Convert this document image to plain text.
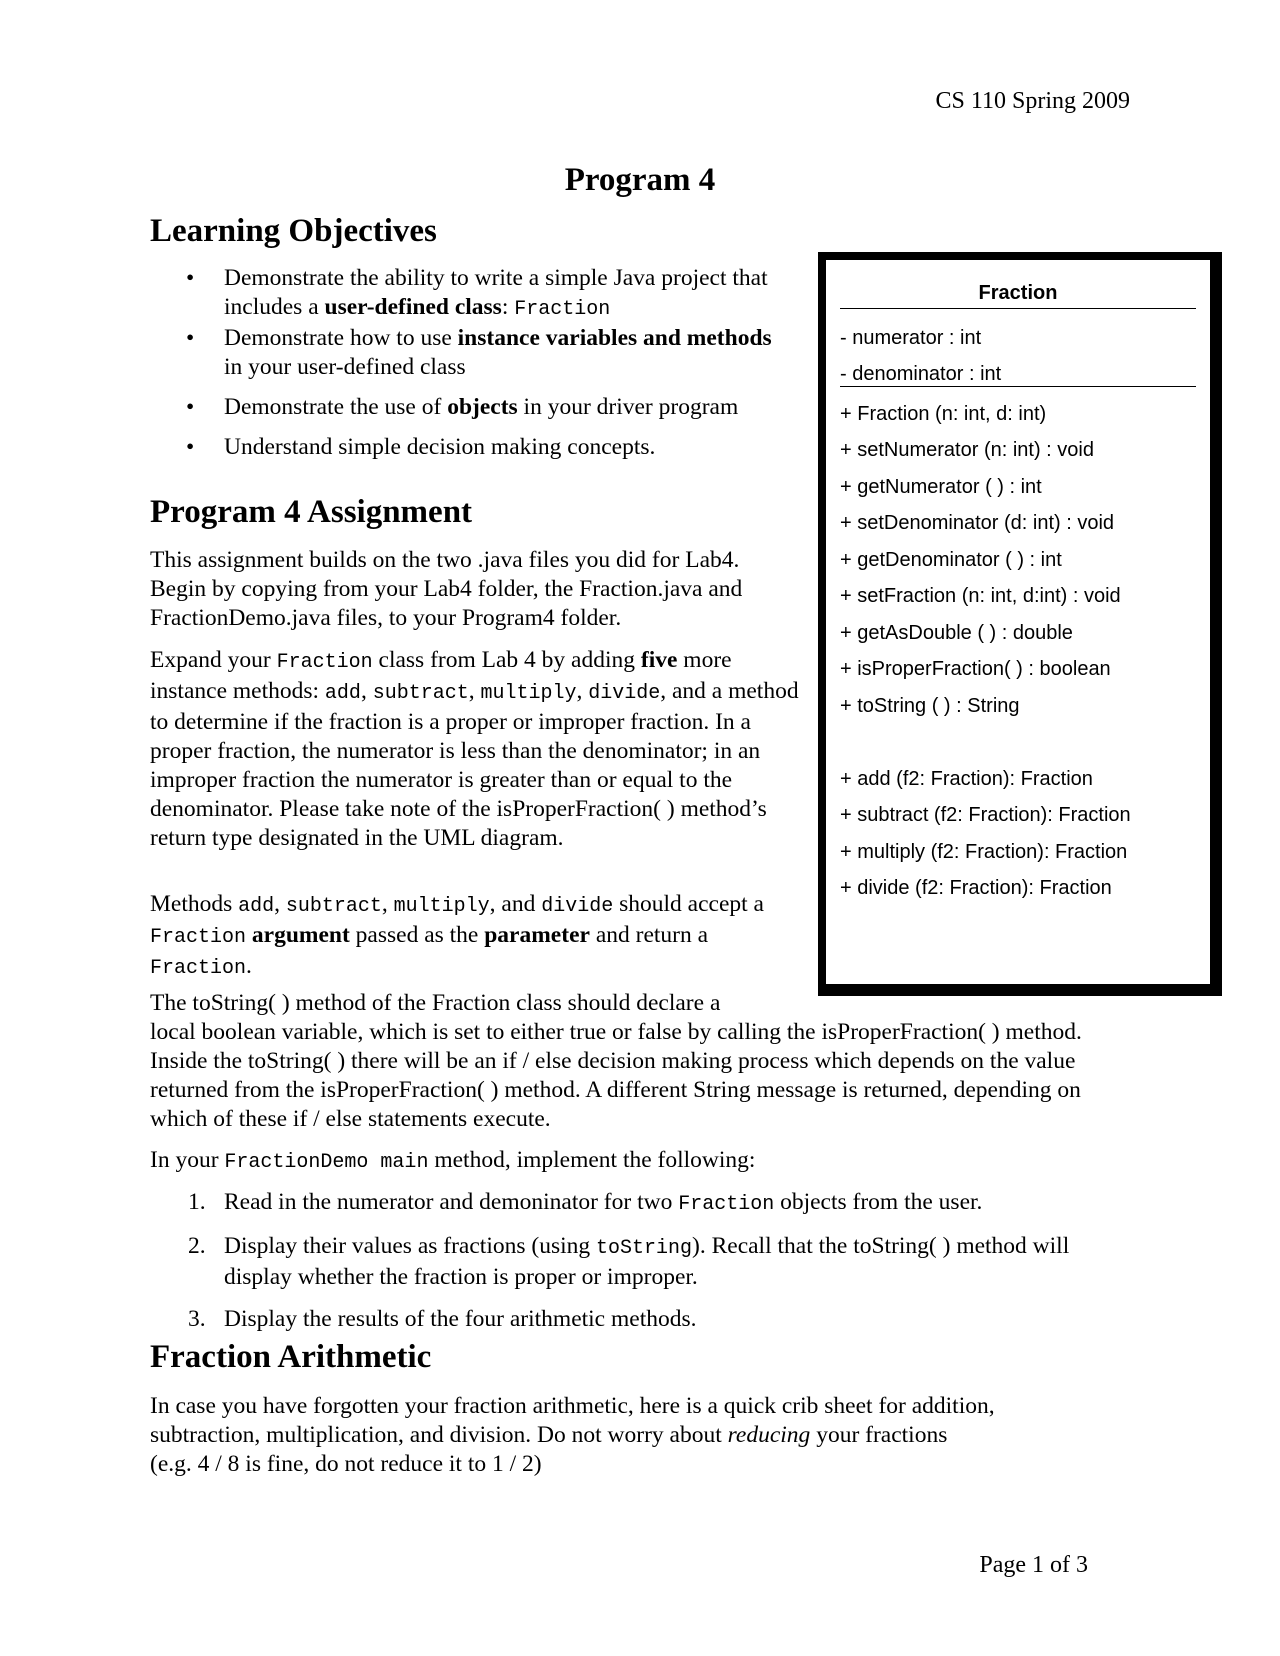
CS 110 Spring 2009
Program 4
Learning Objectives
• Demonstrate the ability to write a simple Java project that includes a user-defined class: Fraction
• Demonstrate how to use instance variables and methods in your user-defined class
• Demonstrate the use of objects in your driver program
• Understand simple decision making concepts.
Program 4 Assignment

This assignment builds on the two .java files you did for Lab4. Begin by copying from your Lab4 folder, the Fraction.java and FractionDemo.java files, to your Program4 folder.

Expand your Fraction class from Lab 4 by adding five more instance methods: add, subtract, multiply, divide, and a method to determine if the fraction is a proper or improper fraction. In a proper fraction, the numerator is less than the denominator; in an improper fraction the numerator is greater than or equal to the denominator. Please take note of the isProperFraction( ) method’s return type designated in the UML diagram.

Methods add, subtract, multiply, and divide should accept a Fraction argument passed as the parameter and return a Fraction.

The toString( ) method of the Fraction class should declare a

local boolean variable, which is set to either true or false by calling the isProperFraction( ) method. Inside the toString( ) there will be an if / else decision making process which depends on the value returned from the isProperFraction( ) method. A different String message is returned, depending on which of these if / else statements execute.

In your FractionDemo main method, implement the following:

1. Read in the numerator and demoninator for two Fraction objects from the user.
2. Display their values as fractions (using toString). Recall that the toString( ) method will display whether the fraction is proper or improper.
3. Display the results of the four arithmetic methods.
Fraction Arithmetic

In case you have forgotten your fraction arithmetic, here is a quick crib sheet for addition, subtraction, multiplication, and division. Do not worry about reducing your fractions
(e.g. 4 / 8 is fine, do not reduce it to 1 / 2)

Fraction
- numerator : int
- denominator : int
+ Fraction (n: int, d: int)
+ setNumerator (n: int) : void
+ getNumerator ( ) : int
+ setDenominator (d: int) : void
+ getDenominator ( ) : int
+ setFraction (n: int, d:int) : void
+ getAsDouble ( ) : double
+ isProperFraction( ) : boolean
+ toString ( ) : String
+ add (f2: Fraction): Fraction
+ subtract (f2: Fraction): Fraction
+ multiply (f2: Fraction): Fraction
+ divide (f2: Fraction): Fraction
Page 1 of 3
